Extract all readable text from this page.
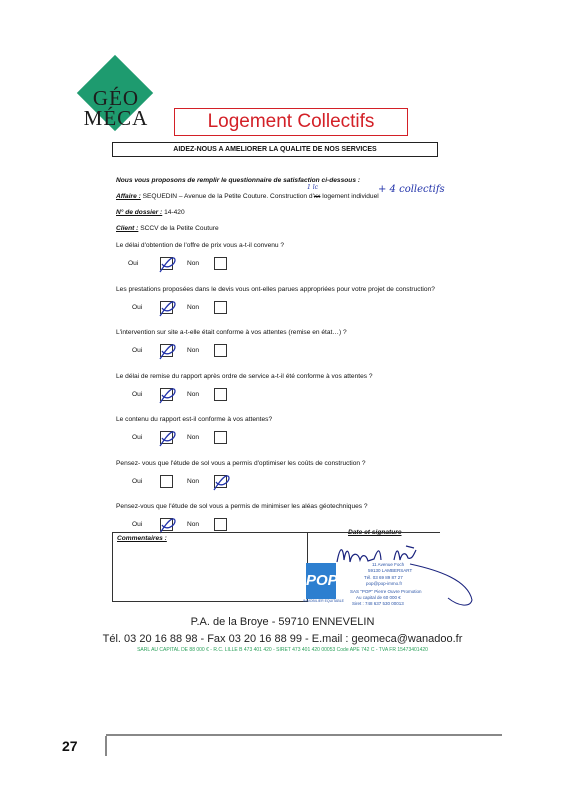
GÉO
MÉCA	Logement Collectifs
AIDEZ-NOUS A AMELIORER LA QUALITE DE NOS SERVICES
Nous vous proposons de remplir le questionnaire de satisfaction ci-dessous :
Affaire : SEQUEDIN – Avenue de la Petite Couture. Construction d'xx logement individuel
1 lc	+ 4 collectifs
N° de dossier : 14-420
Client : SCCV de la Petite Couture
Le délai d'obtention de l'offre de prix vous a-t-il convenu ?
Oui	Non
Les prestations proposées dans le devis vous ont-elles parues appropriées pour votre projet de construction?
Oui	Non
L'intervention sur site a-t-elle était conforme à vos attentes (remise en état…) ?
Oui	Non
Le délai de remise du rapport après ordre de service a-t-il été conforme à vos attentes ?
Oui	Non
Le contenu du rapport est-il conforme à vos attentes?
Oui	Non
Pensez- vous que l'étude de sol vous a permis d'optimiser les coûts de construction ?
Oui	Non
Pensez-vous que l'étude de sol vous a permis de minimiser les aléas géotechniques ?
Oui	Non
Date et signature
Commentaires :
POP
IMMOBILIER EQUITABLE
11 Avenue Foch
59130 LAMBERSART
Tél. 03 69 89 87 27
pop@pop-immo.fr
SAS "POP" Pierre Ouvre Promotion
Au capital de 60 000 €
Siret : 748 637 530 00013
P.A. de la Broye - 59710 ENNEVELIN
Tél. 03 20 16 88 98 - Fax 03 20 16 88 99 - E.mail : geomeca@wanadoo.fr
SARL AU CAPITAL DE 88 000 € - R.C. LILLE B 473 401 420 - SIRET 473 401 420 00053 Code APE 742 C - TVA FR 15473401420
27
